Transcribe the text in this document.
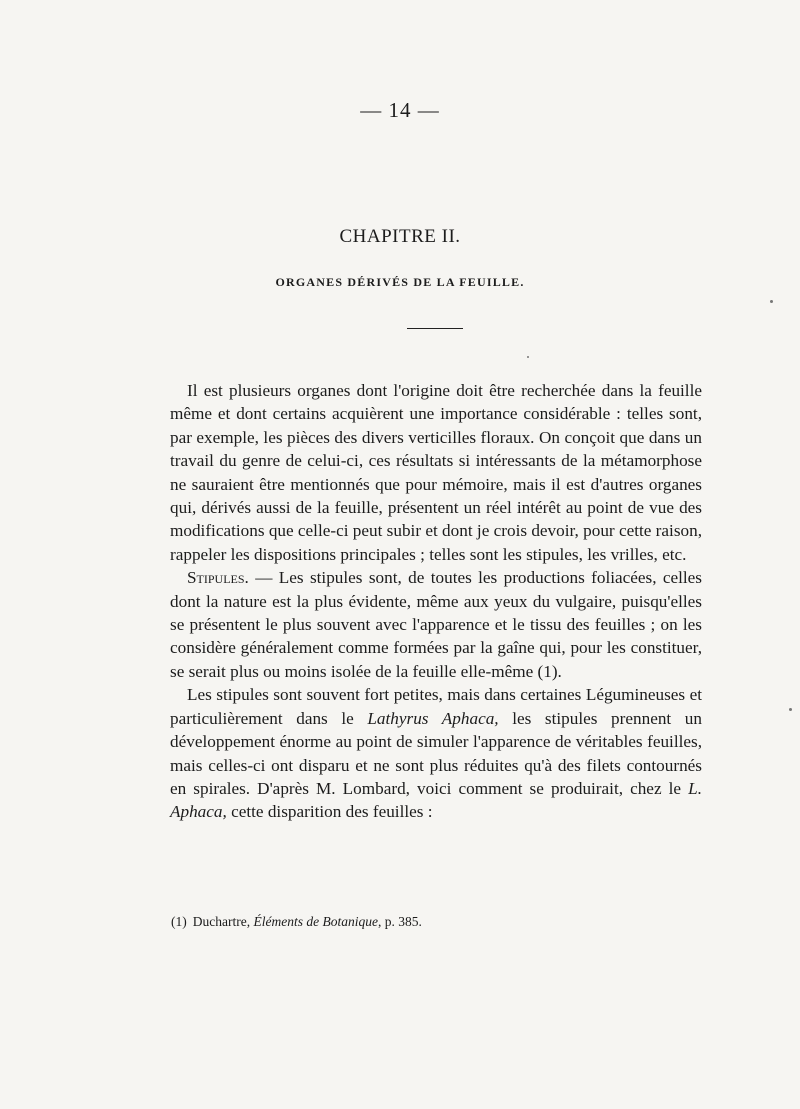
— 14 —
CHAPITRE II.
ORGANES DÉRIVÉS DE LA FEUILLE.

Il est plusieurs organes dont l'origine doit être recherchée dans la feuille même et dont certains acquièrent une importance considérable : telles sont, par exemple, les pièces des divers verticilles floraux. On conçoit que dans un travail du genre de celui-ci, ces résultats si intéressants de la métamorphose ne sauraient être mentionnés que pour mémoire, mais il est d'autres organes qui, dérivés aussi de la feuille, présentent un réel intérêt au point de vue des modifications que celle-ci peut subir et dont je crois devoir, pour cette raison, rappeler les dispositions principales ; telles sont les stipules, les vrilles, etc.

Stipules. — Les stipules sont, de toutes les productions foliacées, celles dont la nature est la plus évidente, même aux yeux du vulgaire, puisqu'elles se présentent le plus souvent avec l'apparence et le tissu des feuilles ; on les considère généralement comme formées par la gaîne qui, pour les constituer, se serait plus ou moins isolée de la feuille elle-même (1).

Les stipules sont souvent fort petites, mais dans certaines Légumineuses et particulièrement dans le Lathyrus Aphaca, les stipules prennent un développement énorme au point de simuler l'apparence de véritables feuilles, mais celles-ci ont disparu et ne sont plus réduites qu'à des filets contournés en spirales. D'après M. Lombard, voici comment se produirait, chez le L. Aphaca, cette disparition des feuilles :

(1) Duchartre, Éléments de Botanique, p. 385.
